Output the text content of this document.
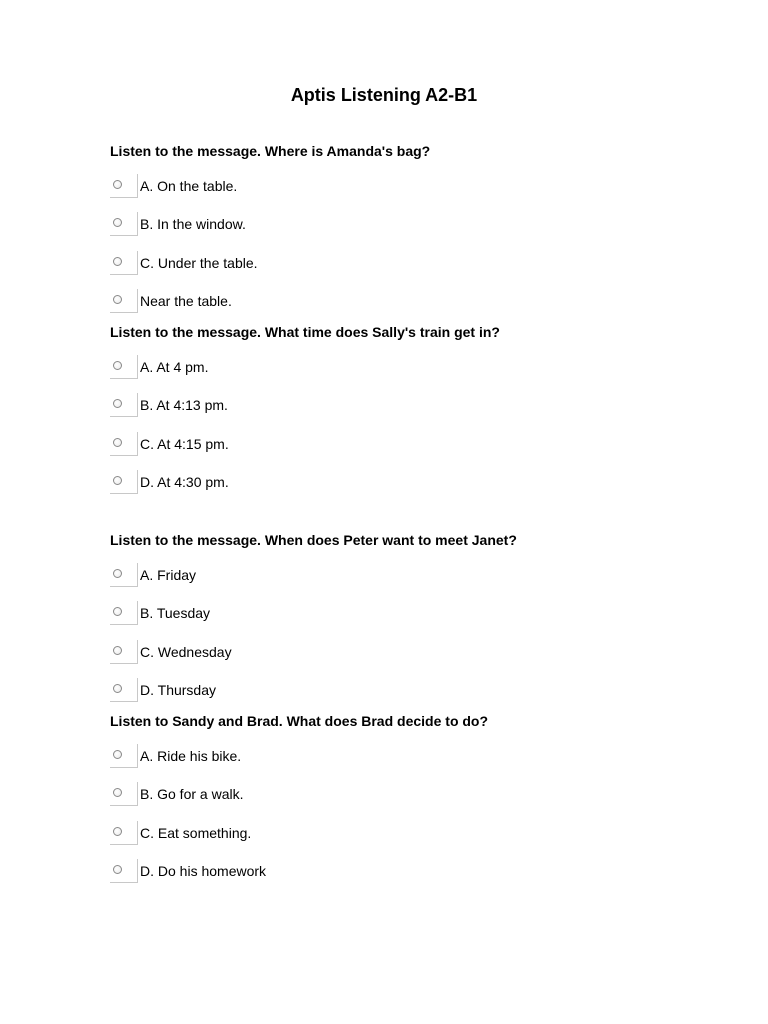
Aptis Listening A2-B1
Listen to the message. Where is Amanda's bag?
A. On the table.
B. In the window.
C. Under the table.
Near the table.
Listen to the message. What time does Sally's train get in?
A. At 4 pm.
B. At 4:13 pm.
C. At 4:15 pm.
D. At 4:30 pm.
Listen to the message. When does Peter want to meet Janet?
A. Friday
B. Tuesday
C. Wednesday
D. Thursday
Listen to Sandy and Brad. What does Brad decide to do?
A. Ride his bike.
B. Go for a walk.
C. Eat something.
D. Do his homework
